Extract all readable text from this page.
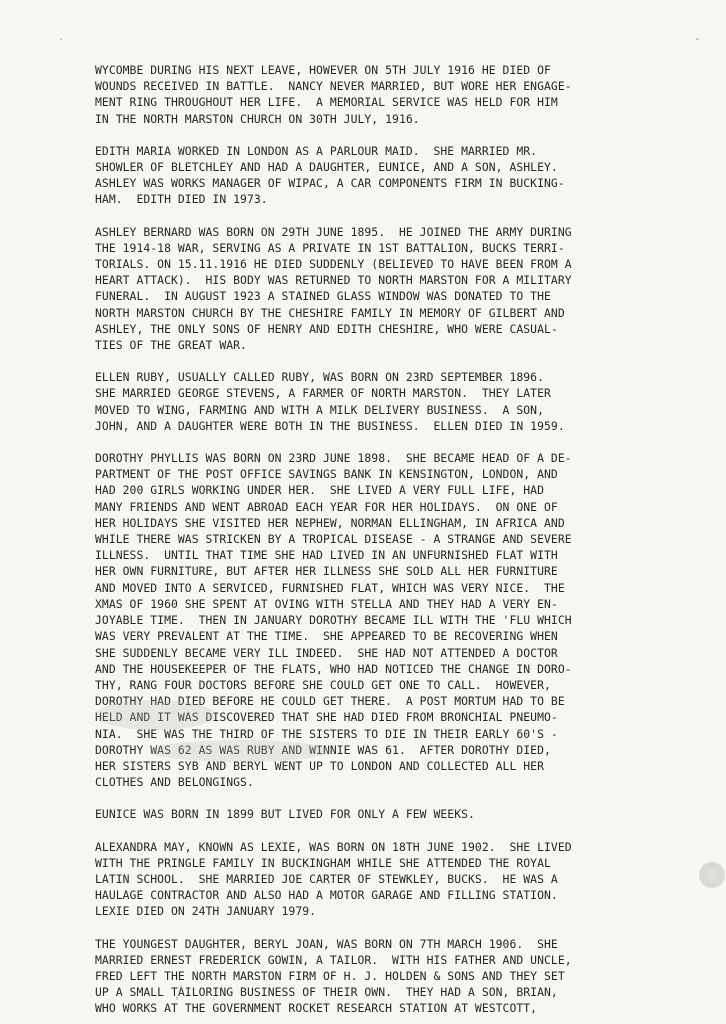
WYCOMBE DURING HIS NEXT LEAVE, HOWEVER ON 5TH JULY 1916 HE DIED OF
WOUNDS RECEIVED IN BATTLE.  NANCY NEVER MARRIED, BUT WORE HER ENGAGE-
MENT RING THROUGHOUT HER LIFE.  A MEMORIAL SERVICE WAS HELD FOR HIM
IN THE NORTH MARSTON CHURCH ON 30TH JULY, 1916.

EDITH MARIA WORKED IN LONDON AS A PARLOUR MAID.  SHE MARRIED MR.
SHOWLER OF BLETCHLEY AND HAD A DAUGHTER, EUNICE, AND A SON, ASHLEY.
ASHLEY WAS WORKS MANAGER OF WIPAC, A CAR COMPONENTS FIRM IN BUCKING-
HAM.  EDITH DIED IN 1973.

ASHLEY BERNARD WAS BORN ON 29TH JUNE 1895.  HE JOINED THE ARMY DURING
THE 1914-18 WAR, SERVING AS A PRIVATE IN 1ST BATTALION, BUCKS TERRI-
TORIALS. ON 15.11.1916 HE DIED SUDDENLY (BELIEVED TO HAVE BEEN FROM A
HEART ATTACK).  HIS BODY WAS RETURNED TO NORTH MARSTON FOR A MILITARY
FUNERAL.  IN AUGUST 1923 A STAINED GLASS WINDOW WAS DONATED TO THE
NORTH MARSTON CHURCH BY THE CHESHIRE FAMILY IN MEMORY OF GILBERT AND
ASHLEY, THE ONLY SONS OF HENRY AND EDITH CHESHIRE, WHO WERE CASUAL-
TIES OF THE GREAT WAR.

ELLEN RUBY, USUALLY CALLED RUBY, WAS BORN ON 23RD SEPTEMBER 1896.
SHE MARRIED GEORGE STEVENS, A FARMER OF NORTH MARSTON.  THEY LATER
MOVED TO WING, FARMING AND WITH A MILK DELIVERY BUSINESS.  A SON,
JOHN, AND A DAUGHTER WERE BOTH IN THE BUSINESS.  ELLEN DIED IN 1959.

DOROTHY PHYLLIS WAS BORN ON 23RD JUNE 1898.  SHE BECAME HEAD OF A DE-
PARTMENT OF THE POST OFFICE SAVINGS BANK IN KENSINGTON, LONDON, AND
HAD 200 GIRLS WORKING UNDER HER.  SHE LIVED A VERY FULL LIFE, HAD
MANY FRIENDS AND WENT ABROAD EACH YEAR FOR HER HOLIDAYS.  ON ONE OF
HER HOLIDAYS SHE VISITED HER NEPHEW, NORMAN ELLINGHAM, IN AFRICA AND
WHILE THERE WAS STRICKEN BY A TROPICAL DISEASE - A STRANGE AND SEVERE
ILLNESS.  UNTIL THAT TIME SHE HAD LIVED IN AN UNFURNISHED FLAT WITH
HER OWN FURNITURE, BUT AFTER HER ILLNESS SHE SOLD ALL HER FURNITURE
AND MOVED INTO A SERVICED, FURNISHED FLAT, WHICH WAS VERY NICE.  THE
XMAS OF 1960 SHE SPENT AT OVING WITH STELLA AND THEY HAD A VERY EN-
JOYABLE TIME.  THEN IN JANUARY DOROTHY BECAME ILL WITH THE 'FLU WHICH
WAS VERY PREVALENT AT THE TIME.  SHE APPEARED TO BE RECOVERING WHEN
SHE SUDDENLY BECAME VERY ILL INDEED.  SHE HAD NOT ATTENDED A DOCTOR
AND THE HOUSEKEEPER OF THE FLATS, WHO HAD NOTICED THE CHANGE IN DORO-
THY, RANG FOUR DOCTORS BEFORE SHE COULD GET ONE TO CALL.  HOWEVER,
DOROTHY HAD DIED BEFORE HE COULD GET THERE.  A POST MORTUM HAD TO BE
HELD AND IT WAS DISCOVERED THAT SHE HAD DIED FROM BRONCHIAL PNEUMO-
NIA.  SHE WAS THE THIRD OF THE SISTERS TO DIE IN THEIR EARLY 60'S -
DOROTHY WAS 62 AS WAS RUBY AND WINNIE WAS 61.  AFTER DOROTHY DIED,
HER SISTERS SYB AND BERYL WENT UP TO LONDON AND COLLECTED ALL HER
CLOTHES AND BELONGINGS.

EUNICE WAS BORN IN 1899 BUT LIVED FOR ONLY A FEW WEEKS.

ALEXANDRA MAY, KNOWN AS LEXIE, WAS BORN ON 18TH JUNE 1902.  SHE LIVED
WITH THE PRINGLE FAMILY IN BUCKINGHAM WHILE SHE ATTENDED THE ROYAL
LATIN SCHOOL.  SHE MARRIED JOE CARTER OF STEWKLEY, BUCKS.  HE WAS A
HAULAGE CONTRACTOR AND ALSO HAD A MOTOR GARAGE AND FILLING STATION.
LEXIE DIED ON 24TH JANUARY 1979.

THE YOUNGEST DAUGHTER, BERYL JOAN, WAS BORN ON 7TH MARCH 1906.  SHE
MARRIED ERNEST FREDERICK GOWIN, A TAILOR.  WITH HIS FATHER AND UNCLE,
FRED LEFT THE NORTH MARSTON FIRM OF H. J. HOLDEN & SONS AND THEY SET
UP A SMALL TAILORING BUSINESS OF THEIR OWN.  THEY HAD A SON, BRIAN,
WHO WORKS AT THE GOVERNMENT ROCKET RESEARCH STATION AT WESTCOTT,
